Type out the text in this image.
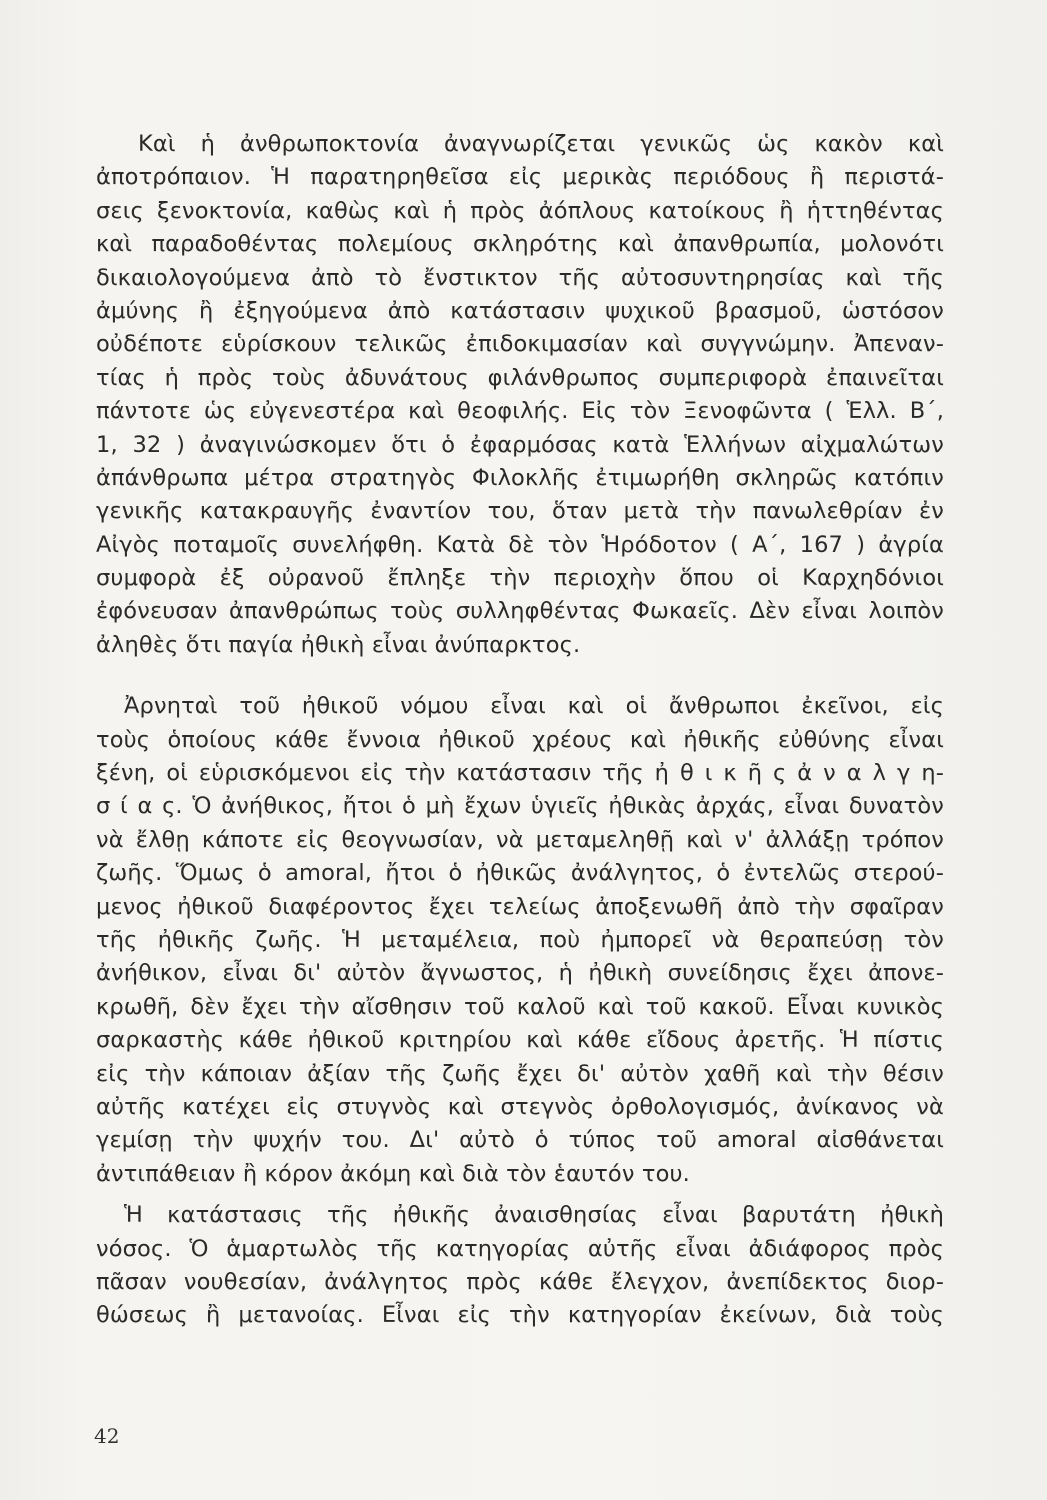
Καὶ ἡ ἀνθρωποκτονία ἀναγνωρίζεται γενικῶς ὡς κακὸν καὶ
ἀποτρόπαιον. Ἡ παρατηρηθεῖσα εἰς μερικὰς περιόδους ἢ περιστά-
σεις ξενοκτονία, καθὼς καὶ ἡ πρὸς ἀόπλους κατοίκους ἢ ἡττηθέντας
καὶ παραδοθέντας πολεμίους σκληρότης καὶ ἀπανθρωπία, μολονότι
δικαιολογούμενα ἀπὸ τὸ ἔνστικτον τῆς αὐτοσυντηρησίας καὶ τῆς
ἀμύνης ἢ ἐξηγούμενα ἀπὸ κατάστασιν ψυχικοῦ βρασμοῦ, ὡστόσον
οὐδέποτε εὑρίσκουν τελικῶς ἐπιδοκιμασίαν καὶ συγγνώμην. Ἀπεναν-
τίας ἡ πρὸς τοὺς ἀδυνάτους φιλάνθρωπος συμπεριφορὰ ἐπαινεῖται
πάντοτε ὡς εὐγενεστέρα καὶ θεοφιλής. Εἰς τὸν Ξενοφῶντα ( Ἑλλ. Β´,
1, 32 ) ἀναγινώσκομεν ὅτι ὁ ἐφαρμόσας κατὰ Ἑλλήνων αἰχμαλώτων
ἀπάνθρωπα μέτρα στρατηγὸς Φιλοκλῆς ἐτιμωρήθη σκληρῶς κατόπιν
γενικῆς κατακραυγῆς ἐναντίον του, ὅταν μετὰ τὴν πανωλεθρίαν ἐν
Αἰγὸς ποταμοῖς συνελήφθη. Κατὰ δὲ τὸν Ἡρόδοτον ( Α´, 167 ) ἀγρία
συμφορὰ ἐξ οὐρανοῦ ἔπληξε τὴν περιοχὴν ὅπου οἱ Καρχηδόνιοι
ἐφόνευσαν ἀπανθρώπως τοὺς συλληφθέντας Φωκαεῖς. Δὲν εἶναι λοιπὸν
ἀληθὲς ὅτι παγία ἠθικὴ εἶναι ἀνύπαρκτος.
Ἀρνηταὶ τοῦ ἠθικοῦ νόμου εἶναι καὶ οἱ ἄνθρωποι ἐκεῖνοι, εἰς
τοὺς ὁποίους κάθε ἔννοια ἠθικοῦ χρέους καὶ ἠθικῆς εὐθύνης εἶναι
ξένη, οἱ εὑρισκόμενοι εἰς τὴν κατάστασιν τῆς ἠ θ ι κ ῆ ς ἀ ν α λ γ η-
σ ί α ς. Ὁ ἀνήθικος, ἤτοι ὁ μὴ ἔχων ὑγιεῖς ἠθικὰς ἀρχάς, εἶναι δυνατὸν
νὰ ἔλθῃ κάποτε εἰς θεογνωσίαν, νὰ μεταμεληθῇ καὶ ν' ἀλλάξῃ τρόπον
ζωῆς. Ὅμως ὁ amoral, ἤτοι ὁ ἠθικῶς ἀνάλγητος, ὁ ἐντελῶς στερού-
μενος ἠθικοῦ διαφέροντος ἔχει τελείως ἀποξενωθῆ ἀπὸ τὴν σφαῖραν
τῆς ἠθικῆς ζωῆς. Ἡ μεταμέλεια, ποὺ ἠμπορεῖ νὰ θεραπεύσῃ τὸν
ἀνήθικον, εἶναι δι' αὐτὸν ἄγνωστος, ἡ ἠθικὴ συνείδησις ἔχει ἀπονε-
κρωθῆ, δὲν ἔχει τὴν αἴσθησιν τοῦ καλοῦ καὶ τοῦ κακοῦ. Εἶναι κυνικὸς
σαρκαστὴς κάθε ἠθικοῦ κριτηρίου καὶ κάθε εἴδους ἀρετῆς. Ἡ πίστις
εἰς τὴν κάποιαν ἀξίαν τῆς ζωῆς ἔχει δι' αὐτὸν χαθῆ καὶ τὴν θέσιν
αὐτῆς κατέχει εἰς στυγνὸς καὶ στεγνὸς ὀρθολογισμός, ἀνίκανος νὰ
γεμίσῃ τὴν ψυχήν του. Δι' αὐτὸ ὁ τύπος τοῦ amoral αἰσθάνεται
ἀντιπάθειαν ἢ κόρον ἀκόμη καὶ διὰ τὸν ἑαυτόν του.
Ἡ κατάστασις τῆς ἠθικῆς ἀναισθησίας εἶναι βαρυτάτη ἠθικὴ
νόσος. Ὁ ἁμαρτωλὸς τῆς κατηγορίας αὐτῆς εἶναι ἀδιάφορος πρὸς
πᾶσαν νουθεσίαν, ἀνάλγητος πρὸς κάθε ἔλεγχον, ἀνεπίδεκτος διορ-
θώσεως ἢ μετανοίας. Εἶναι εἰς τὴν κατηγορίαν ἐκείνων, διὰ τοὺς
42
